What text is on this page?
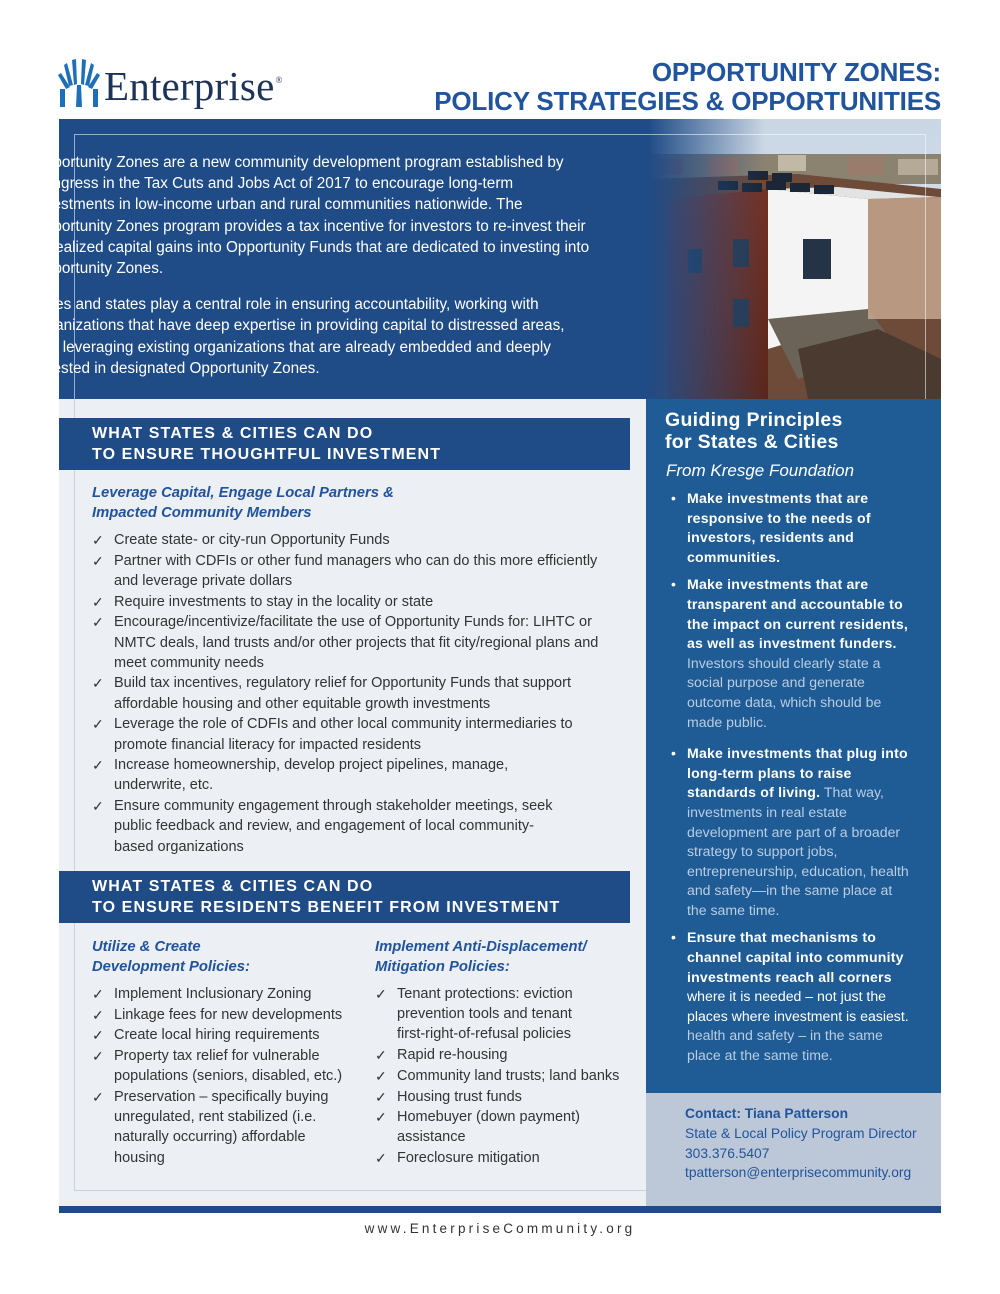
Enterprise®	OPPORTUNITY ZONES:
POLICY STRATEGIES & OPPORTUNITIES

Opportunity Zones are a new community development program established by Congress in the Tax Cuts and Jobs Act of 2017 to encourage long-term investments in low-income urban and rural communities nationwide. The Opportunity Zones program provides a tax incentive for investors to re-invest their unrealized capital gains into Opportunity Funds that are dedicated to investing into Opportunity Zones.

Cities and states play a central role in ensuring accountability, working with organizations that have deep expertise in providing capital to distressed areas, and leveraging existing organizations that are already embedded and deeply invested in designated Opportunity Zones.

WHAT STATES & CITIES CAN DO
TO ENSURE THOUGHTFUL INVESTMENT
Leverage Capital, Engage Local Partners &
Impacted Community Members
✓ Create state- or city-run Opportunity Funds
✓ Partner with CDFIs or other fund managers who can do this more efficiently and leverage private dollars
✓ Require investments to stay in the locality or state
✓ Encourage/incentivize/facilitate the use of Opportunity Funds for: LIHTC or NMTC deals, land trusts and/or other projects that fit city/regional plans and meet community needs
✓ Build tax incentives, regulatory relief for Opportunity Funds that support affordable housing and other equitable growth investments
✓ Leverage the role of CDFIs and other local community intermediaries to promote financial literacy for impacted residents
✓ Increase homeownership, develop project pipelines, manage, underwrite, etc.
✓ Ensure community engagement through stakeholder meetings, seek public feedback and review, and engagement of local community-based organizations
WHAT STATES & CITIES CAN DO
TO ENSURE RESIDENTS BENEFIT FROM INVESTMENT
Utilize & Create
Development Policies:
Implement Anti-Displacement/
Mitigation Policies:
✓ Implement Inclusionary Zoning
✓ Linkage fees for new developments
✓ Create local hiring requirements
✓ Property tax relief for vulnerable populations (seniors, disabled, etc.)
✓ Preservation – specifically buying unregulated, rent stabilized (i.e. naturally occurring) affordable housing
✓ Tenant protections: eviction prevention tools and tenant first-right-of-refusal policies
✓ Rapid re-housing
✓ Community land trusts; land banks
✓ Housing trust funds
✓ Homebuyer (down payment) assistance
✓ Foreclosure mitigation
Guiding Principles
for States & Cities
From Kresge Foundation
• Make investments that are responsive to the needs of investors, residents and communities.
• Make investments that are transparent and accountable to the impact on current residents, as well as investment funders. Investors should clearly state a social purpose and generate outcome data, which should be made public.
• Make investments that plug into long-term plans to raise standards of living. That way, investments in real estate development are part of a broader strategy to support jobs, entrepreneurship, education, health and safety—in the same place at the same time.
• Ensure that mechanisms to channel capital into community investments reach all corners where it is needed – not just the places where investment is easiest. health and safety – in the same place at the same time.
Contact: Tiana Patterson
State & Local Policy Program Director
303.376.5407
tpatterson@enterprisecommunity.org
www.EnterpriseCommunity.org
